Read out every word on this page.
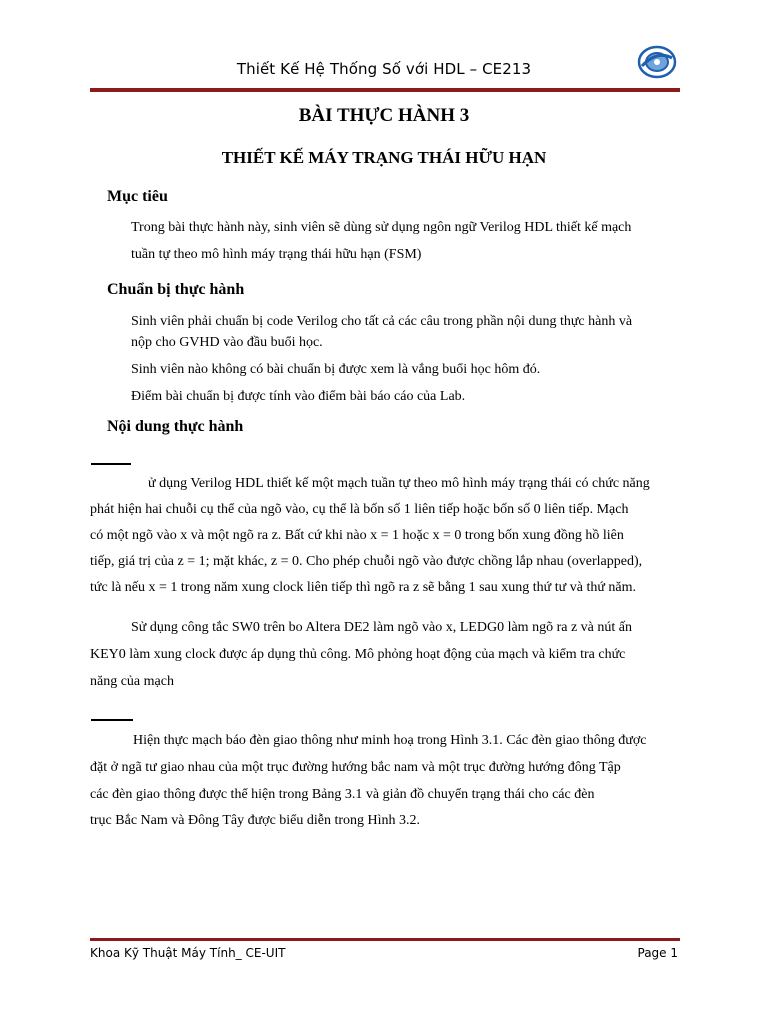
Thiết Kế Hệ Thống Số với HDL – CE213
BÀI THỰC HÀNH 3
THIẾT KẾ MÁY TRẠNG THÁI HỮU HẠN
Mục tiêu
Trong bài thực hành này, sinh viên sẽ dùng sử dụng ngôn ngữ Verilog HDL thiết kế mạch
tuần tự theo mô hình máy trạng thái hữu hạn (FSM)
Chuẩn bị thực hành
Sinh viên phải chuẩn bị code Verilog cho tất cả các câu trong phần nội dung thực hành và
nộp cho GVHD vào đầu buổi học.
Sinh viên nào không có bài chuẩn bị được xem là vắng buổi học hôm đó.
Điểm bài chuẩn bị được tính vào điểm bài báo cáo của Lab.
Nội dung thực hành
ử dụng Verilog HDL thiết kế một mạch tuần tự theo mô hình máy trạng thái có chức năng
phát hiện hai chuỗi cụ thể của ngõ vào, cụ thể là bốn số 1 liên tiếp hoặc bốn số 0 liên tiếp. Mạch
có một ngõ vào x và một ngõ ra z. Bất cứ khi nào x = 1 hoặc x = 0 trong bốn xung đồng hồ liên
tiếp, giá trị của z = 1; mặt khác, z = 0. Cho phép chuỗi ngõ vào được chồng lắp nhau (overlapped),
tức là nếu x = 1 trong năm xung clock liên tiếp thì ngõ ra z sẽ bằng 1 sau xung thứ tư và thứ năm.
Sử dụng công tắc SW0 trên bo Altera DE2 làm ngõ vào x, LEDG0 làm ngõ ra z và nút ấn
KEY0 làm xung clock được áp dụng thủ công. Mô phỏng hoạt động của mạch và kiểm tra chức
năng của mạch
Hiện thực mạch báo đèn giao thông như minh hoạ trong Hình 3.1. Các đèn giao thông được
đặt ở ngã tư giao nhau của một trục đường hướng bắc nam và một trục đường hướng đông Tập
các đèn giao thông được thể hiện trong Bảng 3.1 và giản đồ chuyển trạng thái cho các đèn
trục Bắc Nam và Đông Tây được biểu diễn trong Hình 3.2.
Khoa Kỹ Thuật Máy Tính_ CE-UIT	Page 1
